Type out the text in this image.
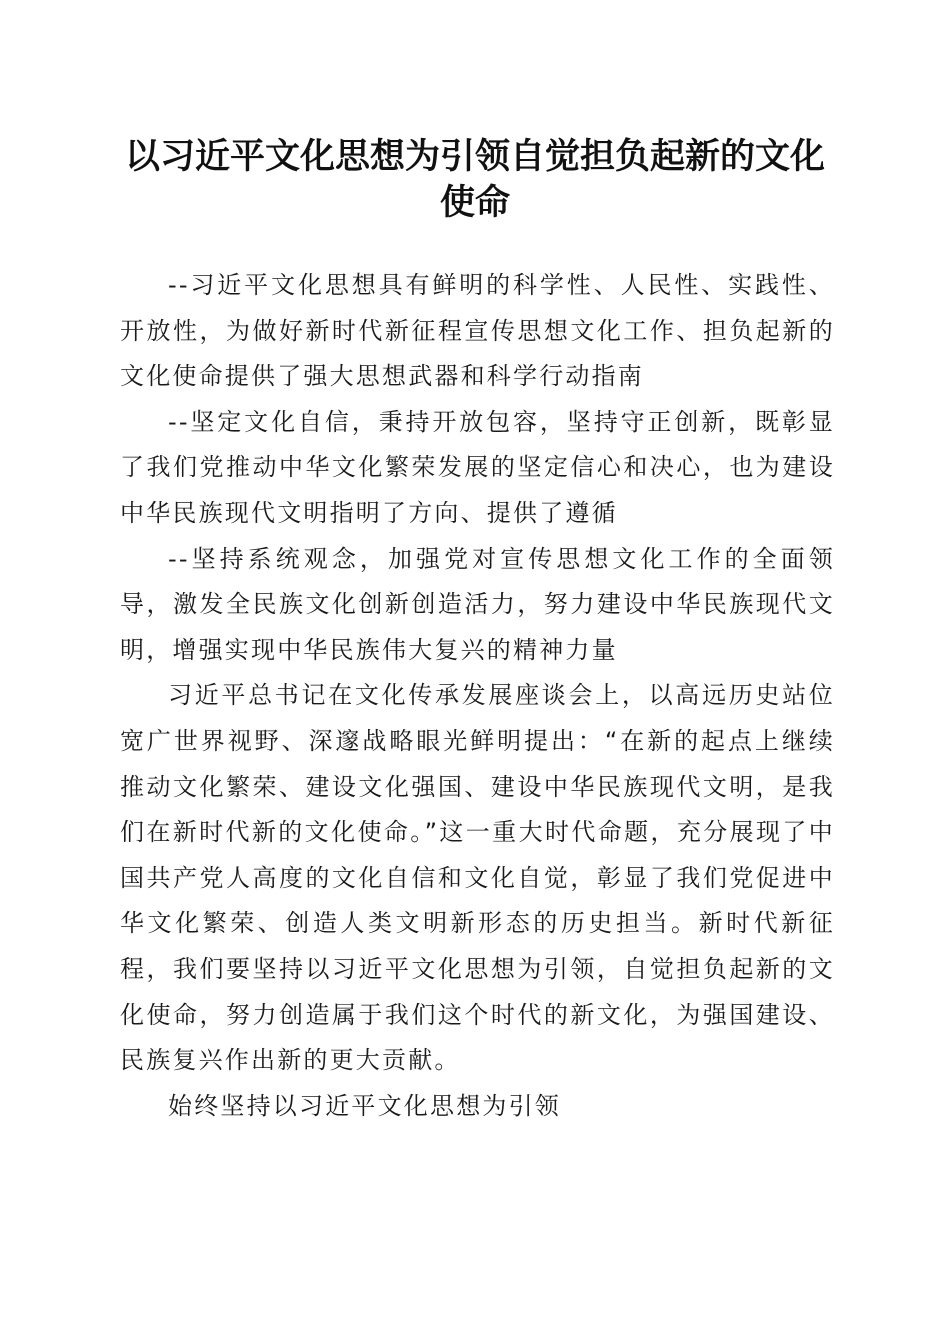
以习近平文化思想为引领自觉担负起新的文化使命

--习近平文化思想具有鲜明的科学性、人民性、实践性、开放性，为做好新时代新征程宣传思想文化工作、担负起新的文化使命提供了强大思想武器和科学行动指南

--坚定文化自信，秉持开放包容，坚持守正创新，既彰显了我们党推动中华文化繁荣发展的坚定信心和决心，也为建设中华民族现代文明指明了方向、提供了遵循

--坚持系统观念，加强党对宣传思想文化工作的全面领导，激发全民族文化创新创造活力，努力建设中华民族现代文明，增强实现中华民族伟大复兴的精神力量

习近平总书记在文化传承发展座谈会上，以高远历史站位宽广世界视野、深邃战略眼光鲜明提出：“在新的起点上继续推动文化繁荣、建设文化强国、建设中华民族现代文明，是我们在新时代新的文化使命。”这一重大时代命题，充分展现了中国共产党人高度的文化自信和文化自觉，彰显了我们党促进中华文化繁荣、创造人类文明新形态的历史担当。新时代新征程，我们要坚持以习近平文化思想为引领，自觉担负起新的文化使命，努力创造属于我们这个时代的新文化，为强国建设、民族复兴作出新的更大贡献。

始终坚持以习近平文化思想为引领
